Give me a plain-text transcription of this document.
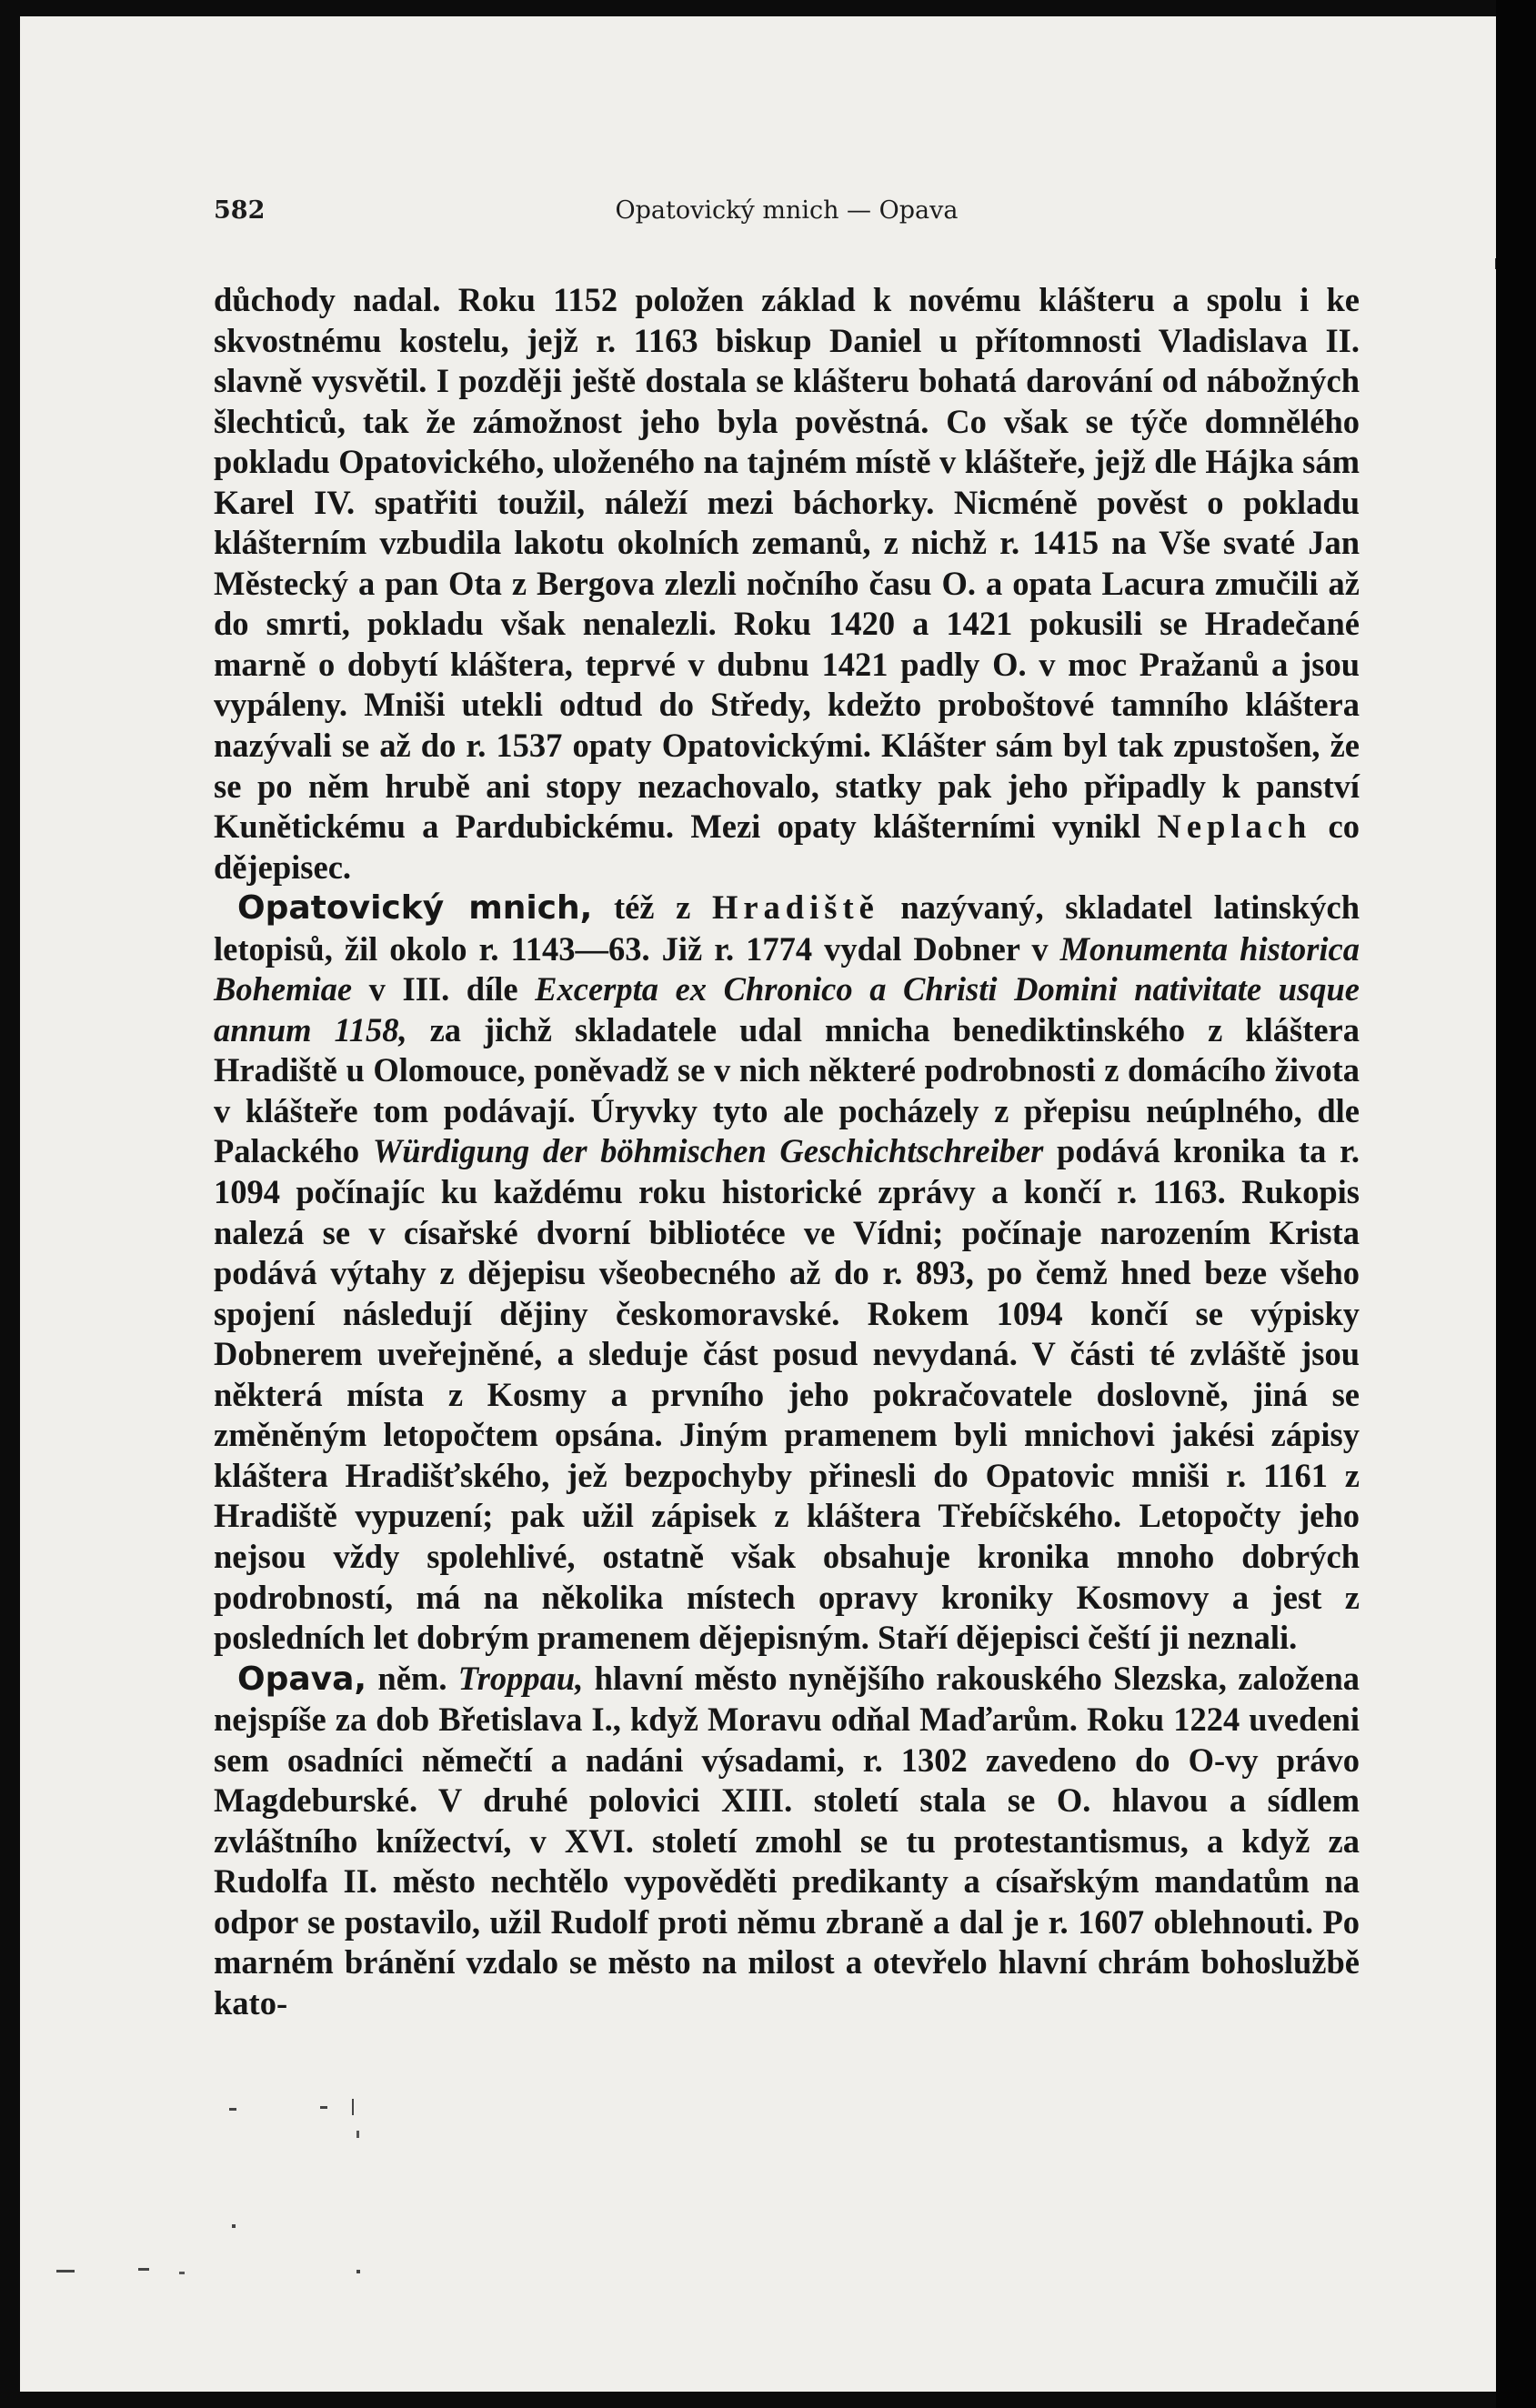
582	Opatovický mnich — Opava

důchody nadal. Roku 1152 položen základ k novému klášteru a spolu i ke skvostnému kostelu, jejž r. 1163 biskup Daniel u přítomnosti Vladislava II. slavně vysvětil. I později ještě dostala se klášteru bohatá darování od nábožných šlechticů, tak že zámožnost jeho byla pověstná. Co však se týče domnělého pokladu Opatovického, uloženého na tajném místě v klášteře, jejž dle Hájka sám Karel IV. spatřiti toužil, náleží mezi báchorky. Nicméně pověst o pokladu klášterním vzbudila lakotu okolních zemanů, z nichž r. 1415 na Vše svaté Jan Městecký a pan Ota z Bergova zlezli nočního času O. a opata Lacura zmučili až do smrti, pokladu však nenalezli. Roku 1420 a 1421 pokusili se Hradečané marně o dobytí kláštera, teprvé v dubnu 1421 padly O. v moc Pražanů a jsou vypáleny. Mniši utekli odtud do Středy, kdežto proboštové tamního kláštera nazývali se až do r. 1537 opaty Opatovickými. Klášter sám byl tak zpustošen, že se po něm hrubě ani stopy nezachovalo, statky pak jeho připadly k panství Kunětickému a Pardubickému. Mezi opaty klášterními vynikl Neplach co dějepisec.

Opatovický mnich, též z Hradiště nazývaný, skladatel latinských letopisů, žil okolo r. 1143—63. Již r. 1774 vydal Dobner v Monumenta historica Bohemiae v III. díle Excerpta ex Chronico a Christi Domini nativitate usque annum 1158, za jichž skladatele udal mnicha benediktinského z kláštera Hradiště u Olomouce, poněvadž se v nich některé podrobnosti z domácího života v klášteře tom podávají. Úryvky tyto ale pocházely z přepisu neúplného, dle Palackého Würdigung der böhmischen Geschichtschreiber podává kronika ta r. 1094 počínajíc ku každému roku historické zprávy a končí r. 1163. Rukopis nalezá se v císařské dvorní bibliotéce ve Vídni; počínaje narozením Krista podává výtahy z dějepisu všeobecného až do r. 893, po čemž hned beze všeho spojení následují dějiny českomoravské. Rokem 1094 končí se výpisky Dobnerem uveřejněné, a sleduje část posud nevydaná. V části té zvláště jsou některá místa z Kosmy a prvního jeho pokračovatele doslovně, jiná se změněným letopočtem opsána. Jiným pramenem byli mnichovi jakési zápisy kláštera Hradišťského, jež bezpochyby přinesli do Opatovic mniši r. 1161 z Hradiště vypuzení; pak užil zápisek z kláštera Třebíčského. Letopočty jeho nejsou vždy spolehlivé, ostatně však obsahuje kronika mnoho dobrých podrobností, má na několika místech opravy kroniky Kosmovy a jest z posledních let dobrým pramenem dějepisným. Staří dějepisci čeští ji neznali.

Opava, něm. Troppau, hlavní město nynějšího rakouského Slezska, založena nejspíše za dob Břetislava I., když Moravu odňal Maďarům. Roku 1224 uvedeni sem osadníci němečtí a nadáni výsadami, r. 1302 zavedeno do O-vy právo Magdeburské. V druhé polovici XIII. století stala se O. hlavou a sídlem zvláštního knížectví, v XVI. století zmohl se tu protestantismus, a když za Rudolfa II. město nechtělo vypověděti predikanty a císařským mandatům na odpor se postavilo, užil Rudolf proti němu zbraně a dal je r. 1607 oblehnouti. Po marném bránění vzdalo se město na milost a otevřelo hlavní chrám bohoslužbě kato-
